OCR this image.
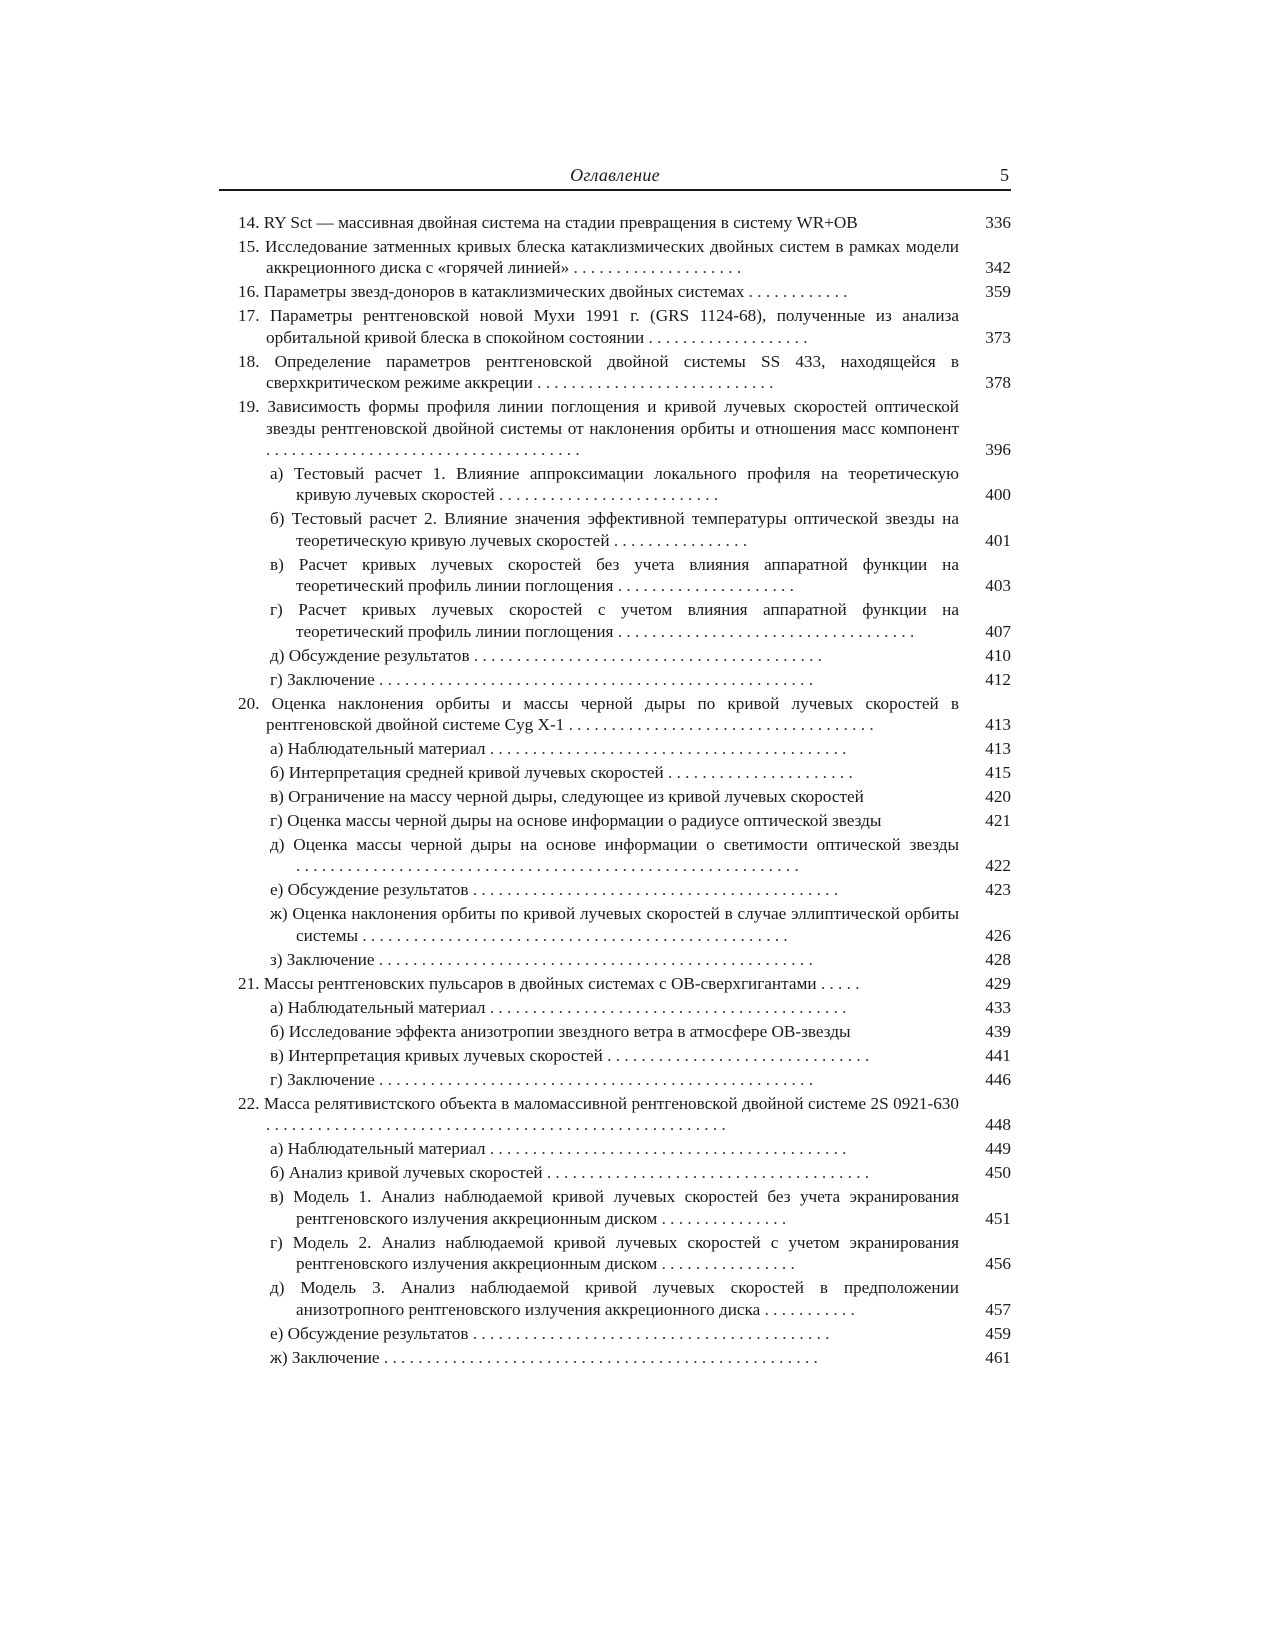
Оглавление	5
14. RY Sct — массивная двойная система на стадии превращения в систему WR+OB	336
15. Исследование затменных кривых блеска катаклизмических двойных систем в рамках модели аккреционного диска с «горячей линией» . . . . . . . . . . . . . . . . . . . .	342
16. Параметры звезд-доноров в катаклизмических двойных системах . . . . . . . . . . . .	359
17. Параметры рентгеновской новой Мухи 1991 г. (GRS 1124-68), полученные из анализа орбитальной кривой блеска в спокойном состоянии . . . . . . . . . . . . . . . . . . .	373
18. Определение параметров рентгеновской двойной системы SS 433, находящейся в сверхкритическом режиме аккреции . . . . . . . . . . . . . . . . . . . . . . . . . . . .	378
19. Зависимость формы профиля линии поглощения и кривой лучевых скоростей оптической звезды рентгеновской двойной системы от наклонения орбиты и отношения масс компонент . . . . . . . . . . . . . . . . . . . . . . . . . . . . . . . . . . . . .	396
а) Тестовый расчет 1. Влияние аппроксимации локального профиля на теоретическую кривую лучевых скоростей . . . . . . . . . . . . . . . . . . . . . . . . . .	400
б) Тестовый расчет 2. Влияние значения эффективной температуры оптической звезды на теоретическую кривую лучевых скоростей . . . . . . . . . . . . . . . .	401
в) Расчет кривых лучевых скоростей без учета влияния аппаратной функции на теоретический профиль линии поглощения . . . . . . . . . . . . . . . . . . . . .	403
г) Расчет кривых лучевых скоростей с учетом влияния аппаратной функции на теоретический профиль линии поглощения . . . . . . . . . . . . . . . . . . . . . . . . . . . . . . . . . . .	407
д) Обсуждение результатов . . . . . . . . . . . . . . . . . . . . . . . . . . . . . . . . . . . . . . . . .	410
г) Заключение . . . . . . . . . . . . . . . . . . . . . . . . . . . . . . . . . . . . . . . . . . . . . . . . . . .	412
20. Оценка наклонения орбиты и массы черной дыры по кривой лучевых скоростей в рентгеновской двойной системе Cyg X-1 . . . . . . . . . . . . . . . . . . . . . . . . . . . . . . . . . . . .	413
а) Наблюдательный материал . . . . . . . . . . . . . . . . . . . . . . . . . . . . . . . . . . . . . . . . . .	413
б) Интерпретация средней кривой лучевых скоростей . . . . . . . . . . . . . . . . . . . . . .	415
в) Ограничение на массу черной дыры, следующее из кривой лучевых скоростей	420
г) Оценка массы черной дыры на основе информации о радиусе оптической звезды	421
д) Оценка массы черной дыры на основе информации о светимости оптической звезды . . . . . . . . . . . . . . . . . . . . . . . . . . . . . . . . . . . . . . . . . . . . . . . . . . . . . . . . . . .	422
е) Обсуждение результатов . . . . . . . . . . . . . . . . . . . . . . . . . . . . . . . . . . . . . . . . . . .	423
ж) Оценка наклонения орбиты по кривой лучевых скоростей в случае эллиптической орбиты системы . . . . . . . . . . . . . . . . . . . . . . . . . . . . . . . . . . . . . . . . . . . . . . . . . .	426
з) Заключение . . . . . . . . . . . . . . . . . . . . . . . . . . . . . . . . . . . . . . . . . . . . . . . . . . .	428
21. Массы рентгеновских пульсаров в двойных системах с OB-сверхгигантами . . . . .	429
а) Наблюдательный материал . . . . . . . . . . . . . . . . . . . . . . . . . . . . . . . . . . . . . . . . . .	433
б) Исследование эффекта анизотропии звездного ветра в атмосфере OB-звезды	439
в) Интерпретация кривых лучевых скоростей . . . . . . . . . . . . . . . . . . . . . . . . . . . . . . .	441
г) Заключение . . . . . . . . . . . . . . . . . . . . . . . . . . . . . . . . . . . . . . . . . . . . . . . . . . .	446
22. Масса релятивистского объекта в маломассивной рентгеновской двойной системе 2S 0921-630 . . . . . . . . . . . . . . . . . . . . . . . . . . . . . . . . . . . . . . . . . . . . . . . . . . . . . .	448
а) Наблюдательный материал . . . . . . . . . . . . . . . . . . . . . . . . . . . . . . . . . . . . . . . . . .	449
б) Анализ кривой лучевых скоростей . . . . . . . . . . . . . . . . . . . . . . . . . . . . . . . . . . . . . .	450
в) Модель 1. Анализ наблюдаемой кривой лучевых скоростей без учета экранирования рентгеновского излучения аккреционным диском . . . . . . . . . . . . . . .	451
г) Модель 2. Анализ наблюдаемой кривой лучевых скоростей с учетом экранирования рентгеновского излучения аккреционным диском . . . . . . . . . . . . . . . .	456
д) Модель 3. Анализ наблюдаемой кривой лучевых скоростей в предположении анизотропного рентгеновского излучения аккреционного диска . . . . . . . . . . .	457
е) Обсуждение результатов . . . . . . . . . . . . . . . . . . . . . . . . . . . . . . . . . . . . . . . . . .	459
ж) Заключение . . . . . . . . . . . . . . . . . . . . . . . . . . . . . . . . . . . . . . . . . . . . . . . . . . .	461
